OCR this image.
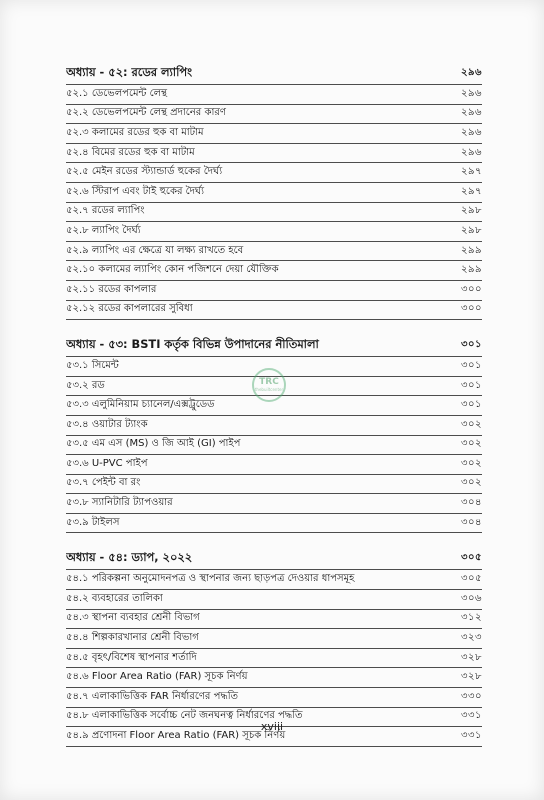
অধ্যায় - ৫২: রডের ল্যাপিং	২৯৬
৫২.১ ডেভেলপমেন্ট লেন্থ	২৯৬
৫২.২ ডেভেলপমেন্ট লেন্থ প্রদানের কারণ	২৯৬
৫২.৩ কলামের রডের হুক বা মাটাম	২৯৬
৫২.৪ বিমের রডের হুক বা মাটাম	২৯৬
৫২.৫ মেইন রডের স্ট্যান্ডার্ড হুকের দৈর্ঘ্য	২৯৭
৫২.৬ স্টিরাপ এবং টাই হুকের দৈর্ঘ্য	২৯৭
৫২.৭ রডের ল্যাপিং	২৯৮
৫২.৮ ল্যাপিং দৈর্ঘ্য	২৯৮
৫২.৯ ল্যাপিং এর ক্ষেত্রে যা লক্ষ্য রাখতে হবে	২৯৯
৫২.১০ কলামের ল্যাপিং কোন পজিশনে দেয়া যৌক্তিক	২৯৯
৫২.১১ রডের কাপলার	৩০০
৫২.১২ রডের কাপলারের সুবিধা	৩০০
অধ্যায় - ৫৩: BSTI কর্তৃক বিভিন্ন উপাদানের নীতিমালা	৩০১
৫৩.১ সিমেন্ট	৩০১
৫৩.২ রড	৩০১
৫৩.৩ এলুমিনিয়াম চ্যানেল/এক্সট্রুডেড	৩০১
৫৩.৪ ওয়াটার ট্যাংক	৩০২
৫৩.৫ এম এস (MS) ও জি আই (GI) পাইপ	৩০২
৫৩.৬ U-PVC পাইপ	৩০২
৫৩.৭ পেইন্ট বা রং	৩০২
৫৩.৮ স্যানিটারি ট্যাপওয়ার	৩০৪
৫৩.৯ টাইলস	৩০৪
অধ্যায় - ৫৪: ড্যাপ, ২০২২	৩০৫
৫৪.১ পরিকল্পনা অনুমোদনপত্র ও স্থাপনার জন্য ছাড়পত্র দেওয়ার ধাপসমূহ	৩০৫
৫৪.২ ব্যবহারের তালিকা	৩০৬
৫৪.৩ স্থাপনা ব্যবহার শ্রেনী বিভাগ	৩১২
৫৪.৪ শিল্পকারখানার শ্রেনী বিভাগ	৩২৩
৫৪.৫ বৃহৎ/বিশেষ স্থাপনার শর্তাদি	৩২৮
৫৪.৬ Floor Area Ratio (FAR) সূচক নির্ণয়	৩২৮
৫৪.৭ এলাকাভিত্তিক FAR নির্ধারণের পদ্ধতি	৩৩০
৫৪.৮ এলাকাভিত্তিক সর্বোচ্চ নেট জনঘনত্ব নির্ধারণের পদ্ধতি	৩৩১
৫৪.৯ প্রণোদনা Floor Area Ratio (FAR) সূচক নির্ণয়	৩৩১
TRC
thebuiltcenter
xviii
